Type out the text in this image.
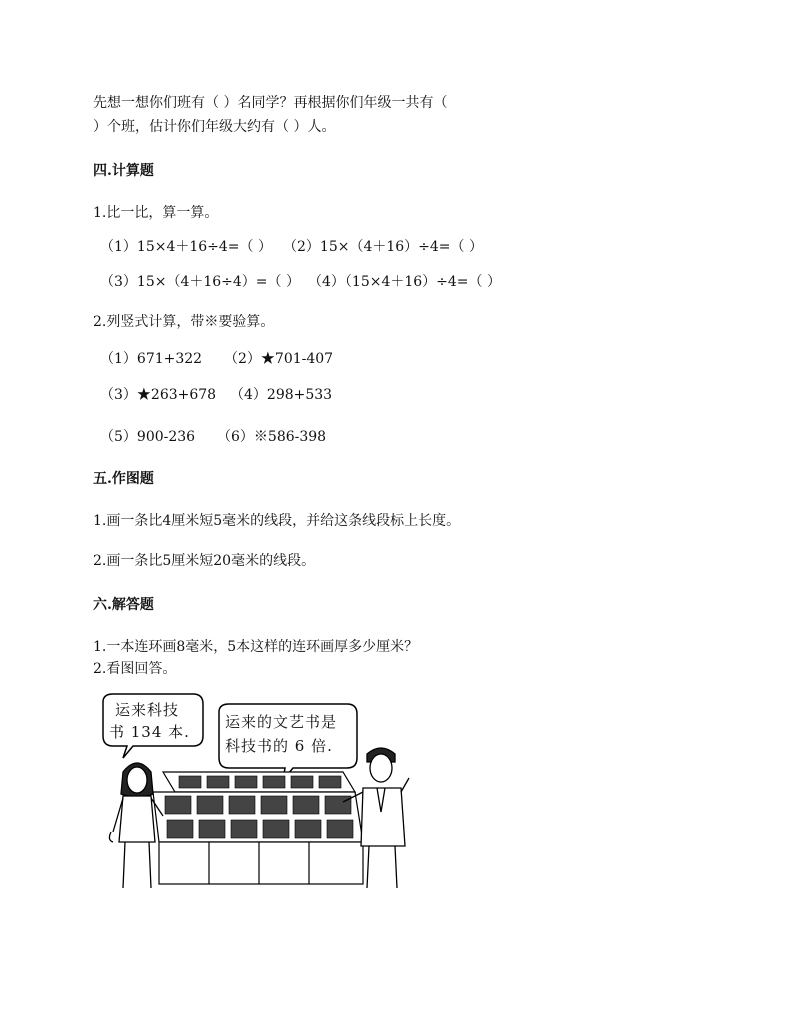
先想一想你们班有（ ）名同学？再根据你们年级一共有（
）个班，估计你们年级大约有（ ）人。
四.计算题
1.比一比，算一算。
（1）15×4＋16÷4=（ ） （2）15×（4＋16）÷4=（ ）
（3）15×（4＋16÷4）=（ ） （4）（15×4＋16）÷4=（ ）
2.列竖式计算，带※要验算。
（1）671+322 （2）★701-407
（3）★263+678 （4）298+533
（5）900-236 （6）※586-398
五.作图题
1.画一条比4厘米短5毫米的线段，并给这条线段标上长度。
2.画一条比5厘米短20毫米的线段。
六.解答题
1.一本连环画8毫米，5本这样的连环画厚多少厘米？
2.看图回答。
运来科技
书 134 本.
运来的文艺书是
科技书的 6 倍.
